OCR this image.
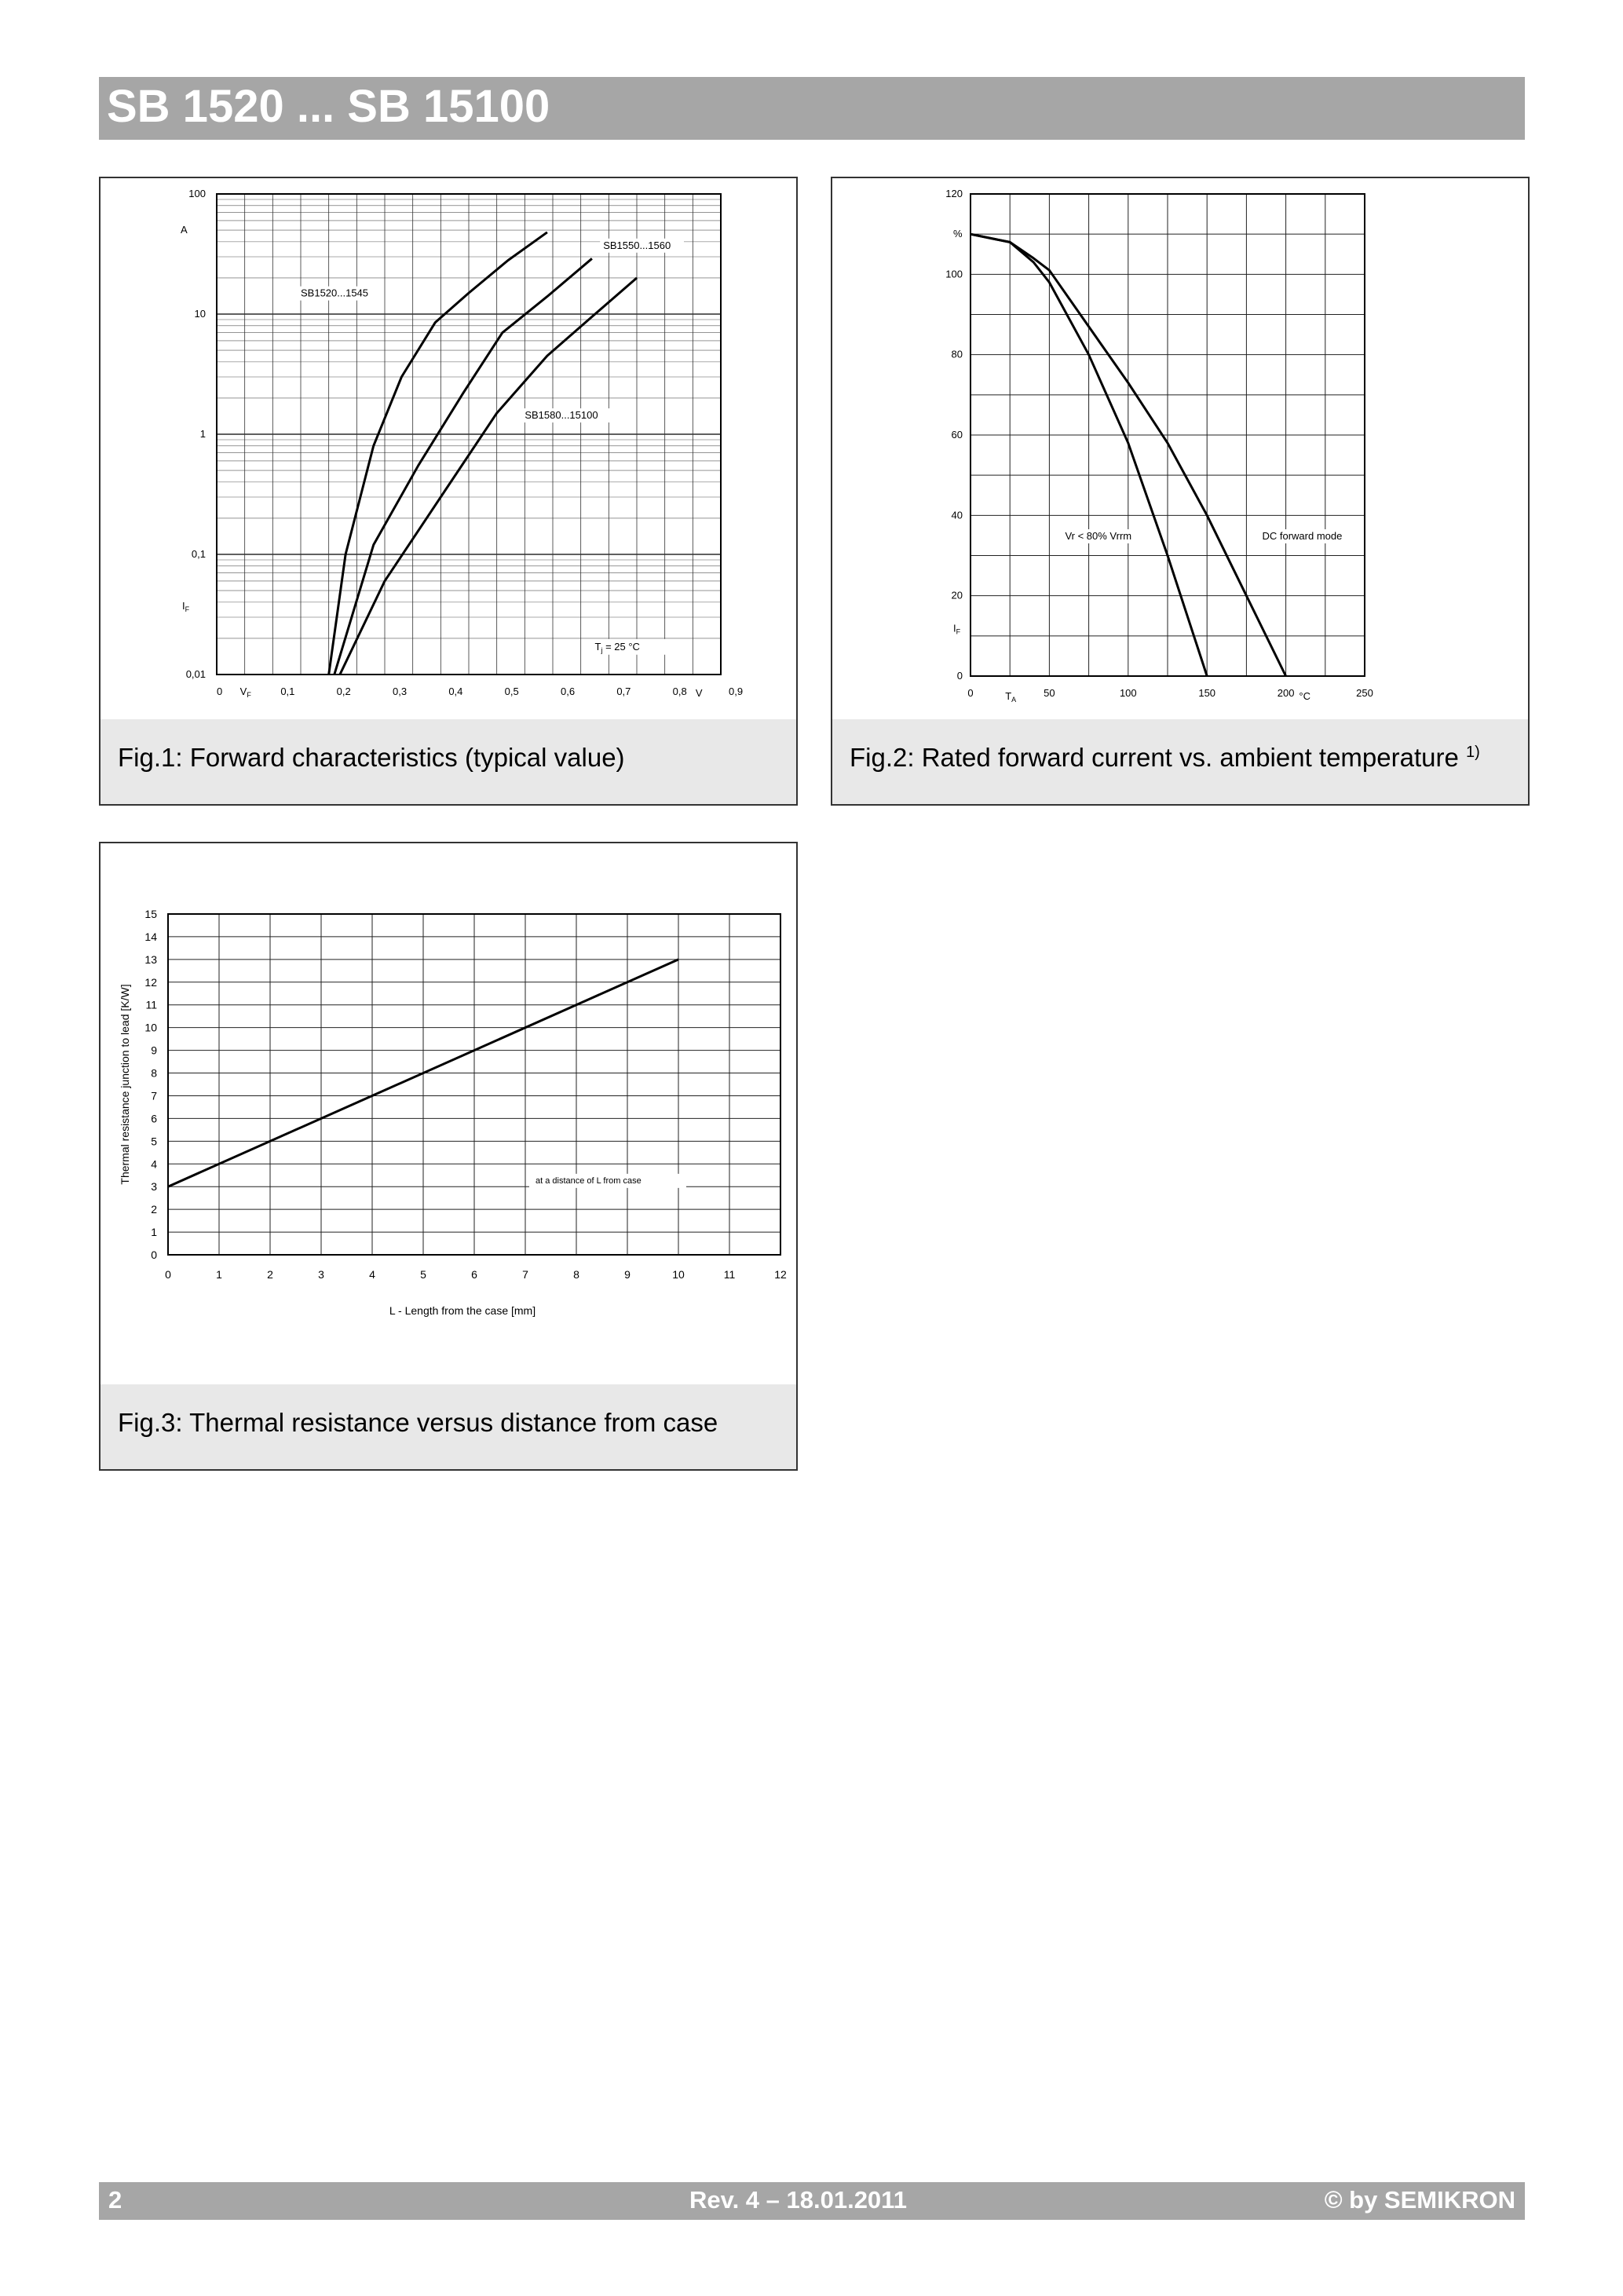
SB 1520 ... SB 15100
0,01
0,1
1
10
100
0	0,1	0,2	0,3	0,4	0,5	0,6	0,7	0,8	0,9
$V_F$	V
A
$I_F$
SB1520...1545
SB1550...1560
SB1580...15100
$T_j = 25$ °C
Fig.1: Forward characteristics (typical value)
0
20
40
60
80
100
120
0	50	100	150	200	250
%
$I_F$
$T_A$	°C
Vr < 80% Vrrm	DC forward mode
Fig.2: Rated forward current vs. ambient temperature $^{1)}$
0
1
2
3
4
5
6
7
8
9
10
11
12
13
14
15
0	1	2	3	4	5	6	7	8	9	10	11	12
L - Length from the case [mm]
Thermal resistance junction to lead [K/W]	at a distance of L from case
Fig.3: Thermal resistance versus distance from case
2	Rev. 4 – 18.01.2011	© by SEMIKRON
